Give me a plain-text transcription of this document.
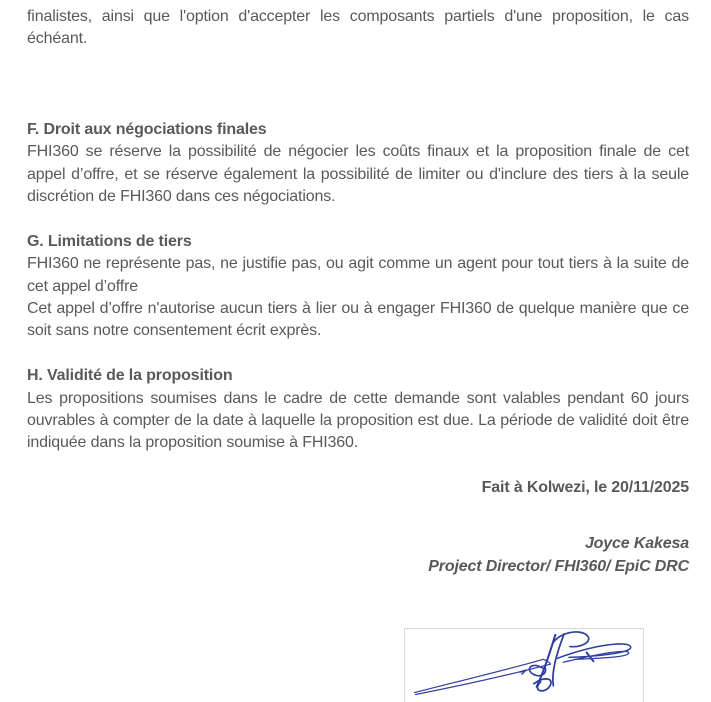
finalistes, ainsi que l'option d'accepter les composants partiels d'une proposition, le cas échéant.

F. Droit aux négociations finales

FHI360 se réserve la possibilité de négocier les coûts finaux et la proposition finale de cet appel d’offre, et se réserve également la possibilité de limiter ou d'inclure des tiers à la seule discrétion de FHI360 dans ces négociations.

G. Limitations de tiers

FHI360 ne représente pas, ne justifie pas, ou agit comme un agent pour tout tiers à la suite de cet appel d’offre

Cet appel d’offre n'autorise aucun tiers à lier ou à engager FHI360 de quelque manière que ce soit sans notre consentement écrit exprès.

H. Validité de la proposition

Les propositions soumises dans le cadre de cette demande sont valables pendant 60 jours ouvrables à compter de la date à laquelle la proposition est due. La période de validité doit être indiquée dans la proposition soumise à FHI360.

Fait à Kolwezi, le 20/11/2025
Joyce Kakesa
Project Director/ FHI360/ EpiC DRC
